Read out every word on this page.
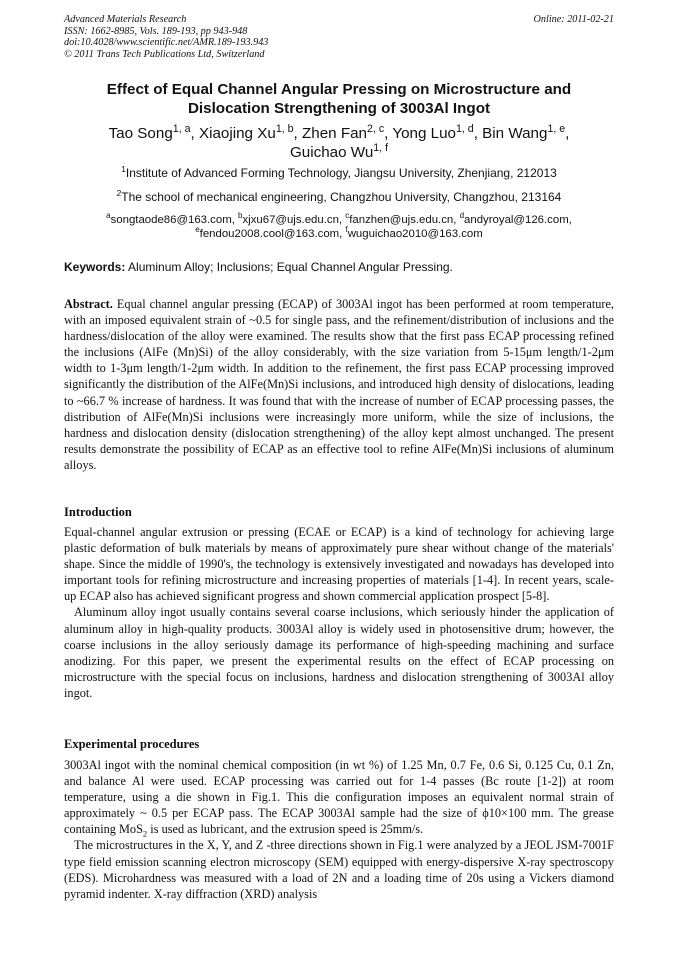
Advanced Materials Research
ISSN: 1662-8985, Vols. 189-193, pp 943-948
doi:10.4028/www.scientific.net/AMR.189-193.943
© 2011 Trans Tech Publications Ltd, Switzerland
Online: 2011-02-21
Effect of Equal Channel Angular Pressing on Microstructure and
Dislocation Strengthening of 3003Al Ingot
Tao Song$^{1, a}$, Xiaojing Xu$^{1, b}$, Zhen Fan$^{2, c}$, Yong Luo$^{1, d}$, Bin Wang$^{1, e}$,
Guichao Wu$^{1, f}$
$^1$Institute of Advanced Forming Technology, Jiangsu University, Zhenjiang, 212013
$^2$The school of mechanical engineering, Changzhou University, Changzhou, 213164
$^a$songtaode86@163.com, $^b$xjxu67@ujs.edu.cn, $^c$fanzhen@ujs.edu.cn, $^d$andyroyal@126.com,
$^e$fendou2008.cool@163.com, $^f$wuguichao2010@163.com
Keywords: Aluminum Alloy; Inclusions; Equal Channel Angular Pressing.

Abstract. Equal channel angular pressing (ECAP) of 3003Al ingot has been performed at room temperature, with an imposed equivalent strain of ~0.5 for single pass, and the refinement/distribution of inclusions and the hardness/dislocation of the alloy were examined. The results show that the first pass ECAP processing refined the inclusions (AlFe (Mn)Si) of the alloy considerably, with the size variation from 5-15μm length/1-2μm width to 1-3μm length/1-2μm width. In addition to the refinement, the first pass ECAP processing improved significantly the distribution of the AlFe(Mn)Si inclusions, and introduced high density of dislocations, leading to ~66.7 % increase of hardness. It was found that with the increase of number of ECAP processing passes, the distribution of AlFe(Mn)Si inclusions were increasingly more uniform, while the size of inclusions, the hardness and dislocation density (dislocation strengthening) of the alloy kept almost unchanged. The present results demonstrate the possibility of ECAP as an effective tool to refine AlFe(Mn)Si inclusions of aluminum alloys.

Introduction

Equal-channel angular extrusion or pressing (ECAE or ECAP) is a kind of technology for achieving large plastic deformation of bulk materials by means of approximately pure shear without change of the materials' shape. Since the middle of 1990's, the technology is extensively investigated and nowadays has developed into important tools for refining microstructure and increasing properties of materials [1-4]. In recent years, scale-up ECAP also has achieved significant progress and shown commercial application prospect [5-8].

Aluminum alloy ingot usually contains several coarse inclusions, which seriously hinder the application of aluminum alloy in high-quality products. 3003Al alloy is widely used in photosensitive drum; however, the coarse inclusions in the alloy seriously damage its performance of high-speeding machining and surface anodizing. For this paper, we present the experimental results on the effect of ECAP processing on microstructure with the special focus on inclusions, hardness and dislocation strengthening of 3003Al alloy ingot.

Experimental procedures

3003Al ingot with the nominal chemical composition (in wt %) of 1.25 Mn, 0.7 Fe, 0.6 Si, 0.125 Cu, 0.1 Zn, and balance Al were used. ECAP processing was carried out for 1-4 passes (Bc route [1-2]) at room temperature, using a die shown in Fig.1. This die configuration imposes an equivalent normal strain of approximately ~ 0.5 per ECAP pass. The ECAP 3003Al sample had the size of ϕ10×100 mm. The grease containing MoS$_2$ is used as lubricant, and the extrusion speed is 25mm/s.

The microstructures in the X, Y, and Z -three directions shown in Fig.1 were analyzed by a JEOL JSM-7001F type field emission scanning electron microscopy (SEM) equipped with energy-dispersive X-ray spectroscopy (EDS). Microhardness was measured with a load of 2N and a loading time of 20s using a Vickers diamond pyramid indenter. X-ray diffraction (XRD) analysis
